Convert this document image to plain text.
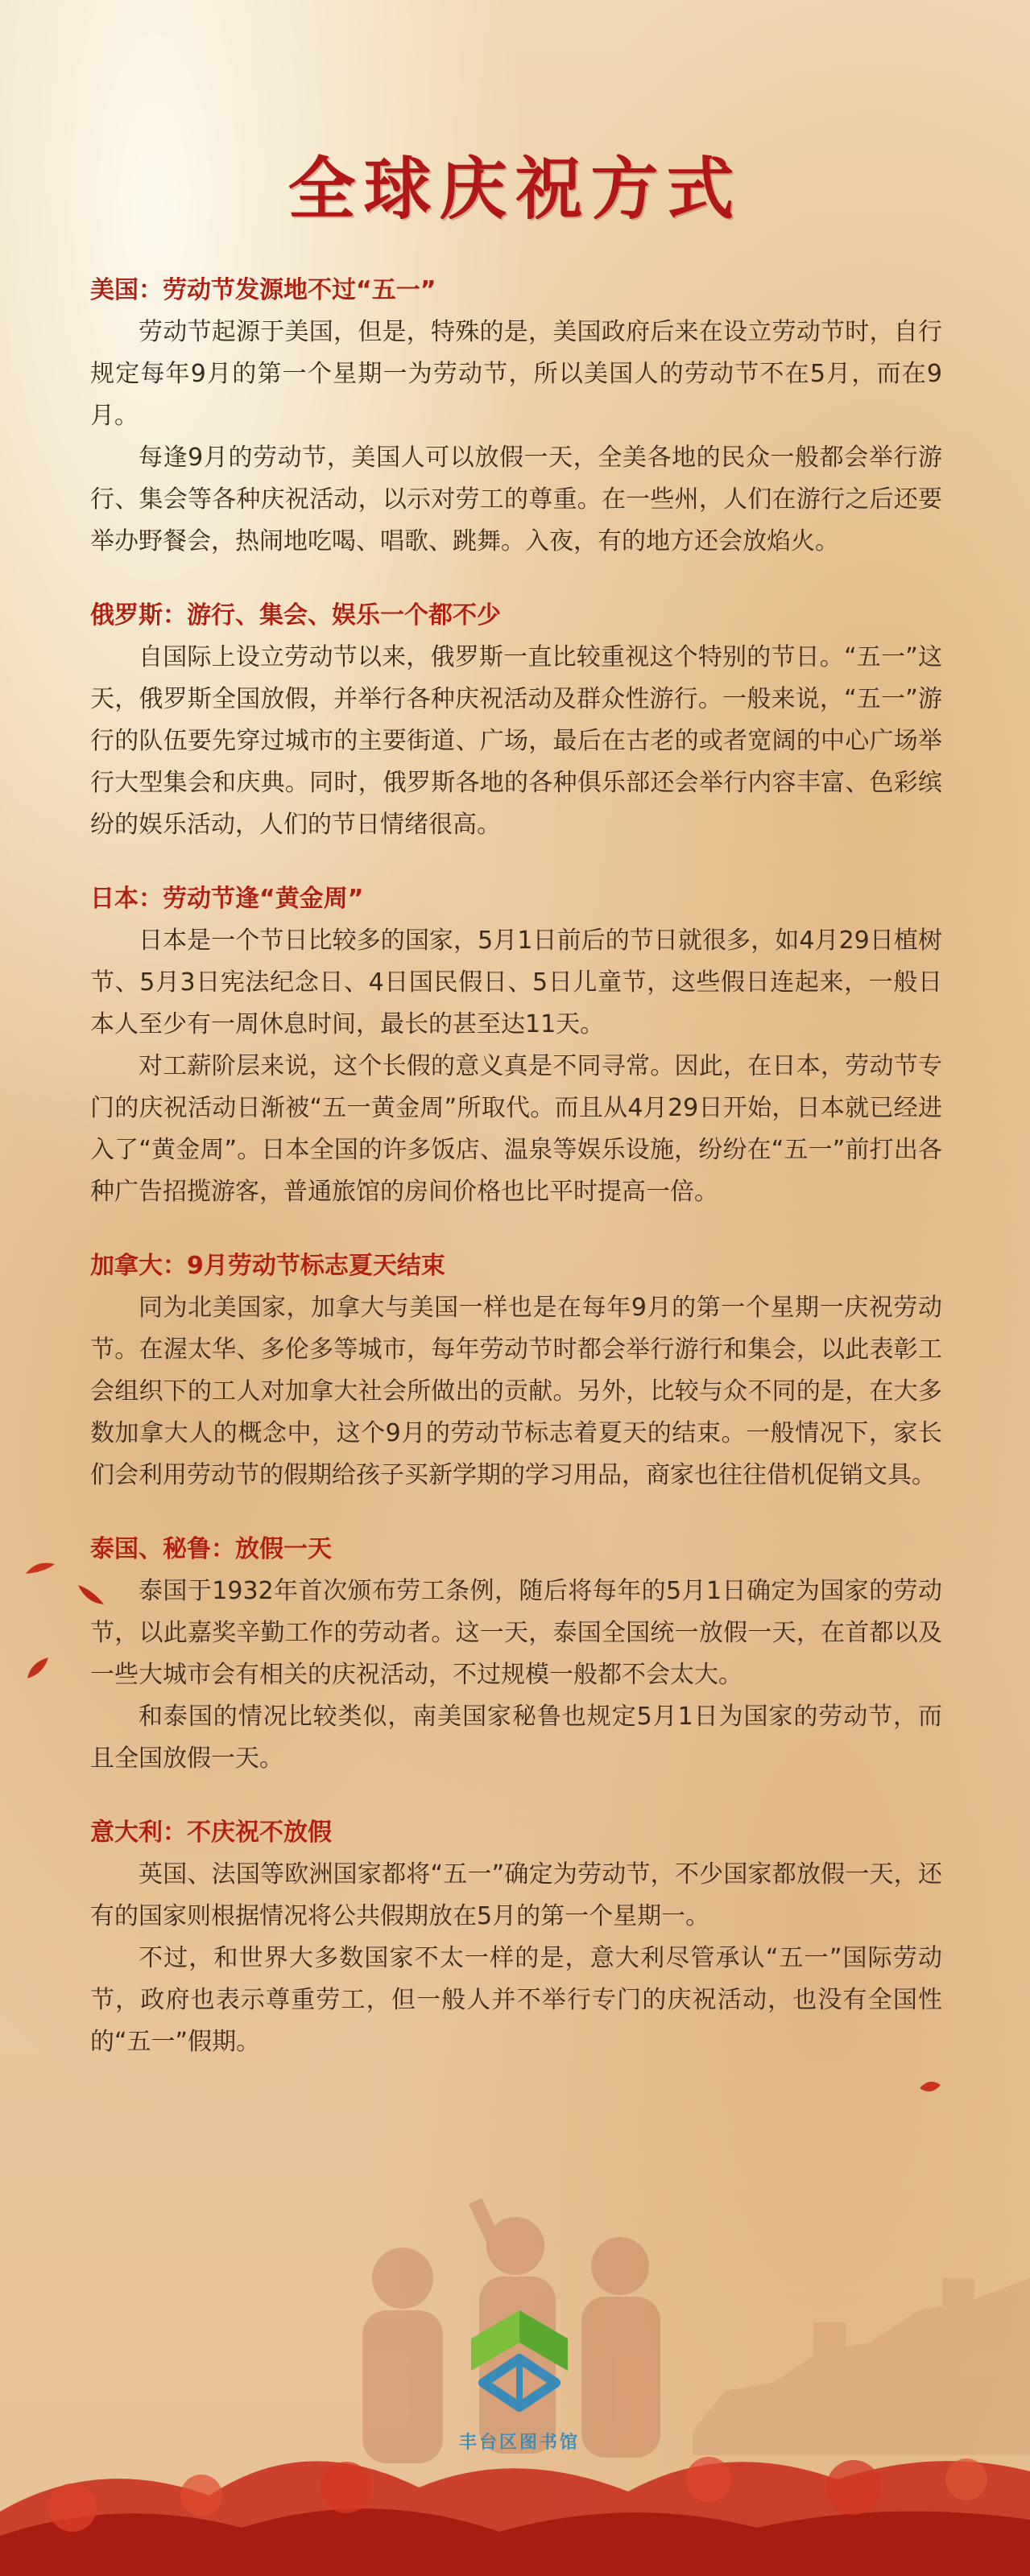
全球庆祝方式
美国：劳动节发源地不过“五一”

劳动节起源于美国，但是，特殊的是，美国政府后来在设立劳动节时，自行规定每年9月的第一个星期一为劳动节，所以美国人的劳动节不在5月，而在9月。

每逢9月的劳动节，美国人可以放假一天，全美各地的民众一般都会举行游行、集会等各种庆祝活动，以示对劳工的尊重。在一些州，人们在游行之后还要举办野餐会，热闹地吃喝、唱歌、跳舞。入夜，有的地方还会放焰火。

俄罗斯：游行、集会、娱乐一个都不少

自国际上设立劳动节以来，俄罗斯一直比较重视这个特别的节日。“五一”这天，俄罗斯全国放假，并举行各种庆祝活动及群众性游行。一般来说，“五一”游行的队伍要先穿过城市的主要街道、广场，最后在古老的或者宽阔的中心广场举行大型集会和庆典。同时，俄罗斯各地的各种俱乐部还会举行内容丰富、色彩缤纷的娱乐活动，人们的节日情绪很高。

日本：劳动节逢“黄金周”

日本是一个节日比较多的国家，5月1日前后的节日就很多，如4月29日植树节、5月3日宪法纪念日、4日国民假日、5日儿童节，这些假日连起来，一般日本人至少有一周休息时间，最长的甚至达11天。

对工薪阶层来说，这个长假的意义真是不同寻常。因此，在日本，劳动节专门的庆祝活动日渐被“五一黄金周”所取代。而且从4月29日开始，日本就已经进入了“黄金周”。日本全国的许多饭店、温泉等娱乐设施，纷纷在“五一”前打出各种广告招揽游客，普通旅馆的房间价格也比平时提高一倍。

加拿大：9月劳动节标志夏天结束

同为北美国家，加拿大与美国一样也是在每年9月的第一个星期一庆祝劳动节。在渥太华、多伦多等城市，每年劳动节时都会举行游行和集会，以此表彰工会组织下的工人对加拿大社会所做出的贡献。另外，比较与众不同的是，在大多数加拿大人的概念中，这个9月的劳动节标志着夏天的结束。一般情况下，家长们会利用劳动节的假期给孩子买新学期的学习用品，商家也往往借机促销文具。

泰国、秘鲁：放假一天

泰国于1932年首次颁布劳工条例，随后将每年的5月1日确定为国家的劳动节，以此嘉奖辛勤工作的劳动者。这一天，泰国全国统一放假一天，在首都以及一些大城市会有相关的庆祝活动，不过规模一般都不会太大。

和泰国的情况比较类似，南美国家秘鲁也规定5月1日为国家的劳动节，而且全国放假一天。

意大利：不庆祝不放假

英国、法国等欧洲国家都将“五一”确定为劳动节，不少国家都放假一天，还有的国家则根据情况将公共假期放在5月的第一个星期一。

不过，和世界大多数国家不太一样的是，意大利尽管承认“五一”国际劳动节，政府也表示尊重劳工，但一般人并不举行专门的庆祝活动，也没有全国性的“五一”假期。

丰台区图书馆
